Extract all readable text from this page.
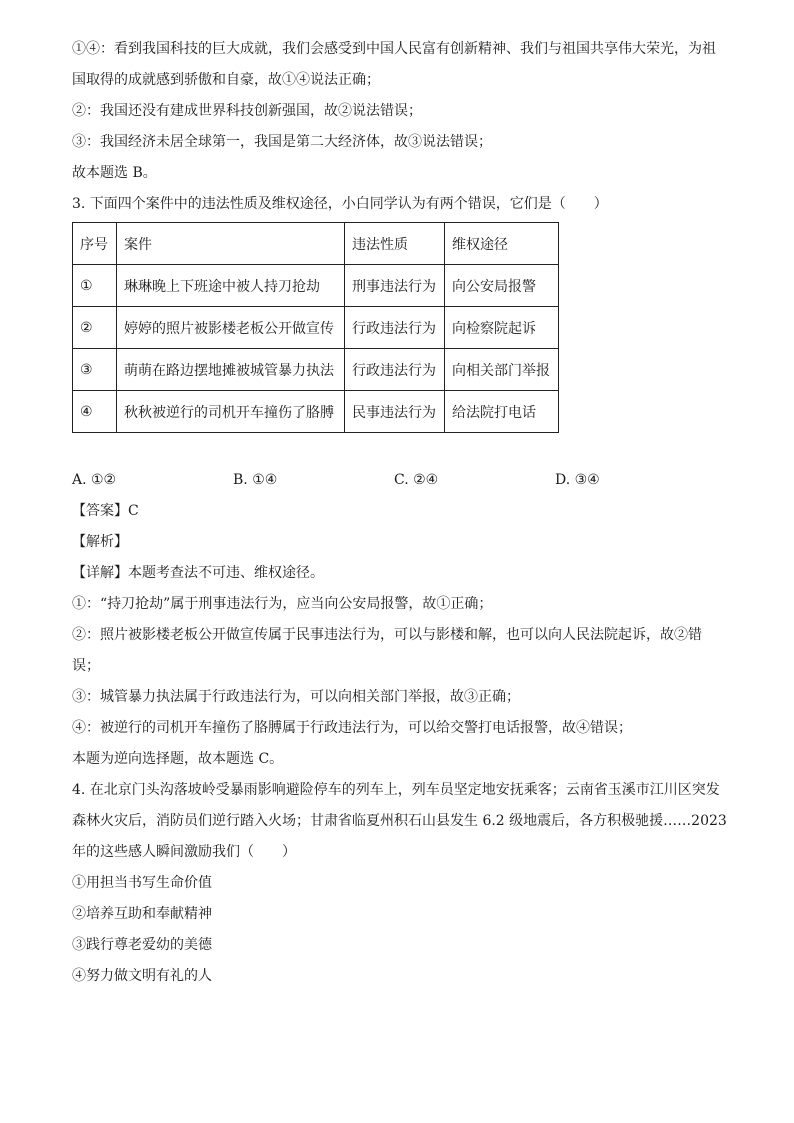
①④：看到我国科技的巨大成就，我们会感受到中国人民富有创新精神、我们与祖国共享伟大荣光，为祖

国取得的成就感到骄傲和自豪，故①④说法正确；

②：我国还没有建成世界科技创新强国，故②说法错误；

③：我国经济未居全球第一，我国是第二大经济体，故③说法错误；

故本题选 B。

3. 下面四个案件中的违法性质及维权途径，小白同学认为有两个错误，它们是（　　）

序号	案件	违法性质	维权途径
①	琳琳晚上下班途中被人持刀抢劫	刑事违法行为	向公安局报警
②	婷婷的照片被影楼老板公开做宣传	行政违法行为	向检察院起诉
③	萌萌在路边摆地摊被城管暴力执法	行政违法行为	向相关部门举报
④	秋秋被逆行的司机开车撞伤了胳膊	民事违法行为	给法院打电话
A. ①②	B. ①④	C. ②④	D. ③④

【答案】C

【解析】

【详解】本题考查法不可违、维权途径。

①：“持刀抢劫”属于刑事违法行为，应当向公安局报警，故①正确；

②：照片被影楼老板公开做宣传属于民事违法行为，可以与影楼和解，也可以向人民法院起诉，故②错

误；

③：城管暴力执法属于行政违法行为，可以向相关部门举报，故③正确；

④：被逆行的司机开车撞伤了胳膊属于行政违法行为，可以给交警打电话报警，故④错误；

本题为逆向选择题，故本题选 C。

4. 在北京门头沟落坡岭受暴雨影响避险停车的列车上，列车员坚定地安抚乘客；云南省玉溪市江川区突发

森林火灾后，消防员们逆行踏入火场；甘肃省临夏州积石山县发生 6.2 级地震后，各方积极驰援……2023

年的这些感人瞬间激励我们（　　）

①用担当书写生命价值

②培养互助和奉献精神

③践行尊老爱幼的美德

④努力做文明有礼的人
